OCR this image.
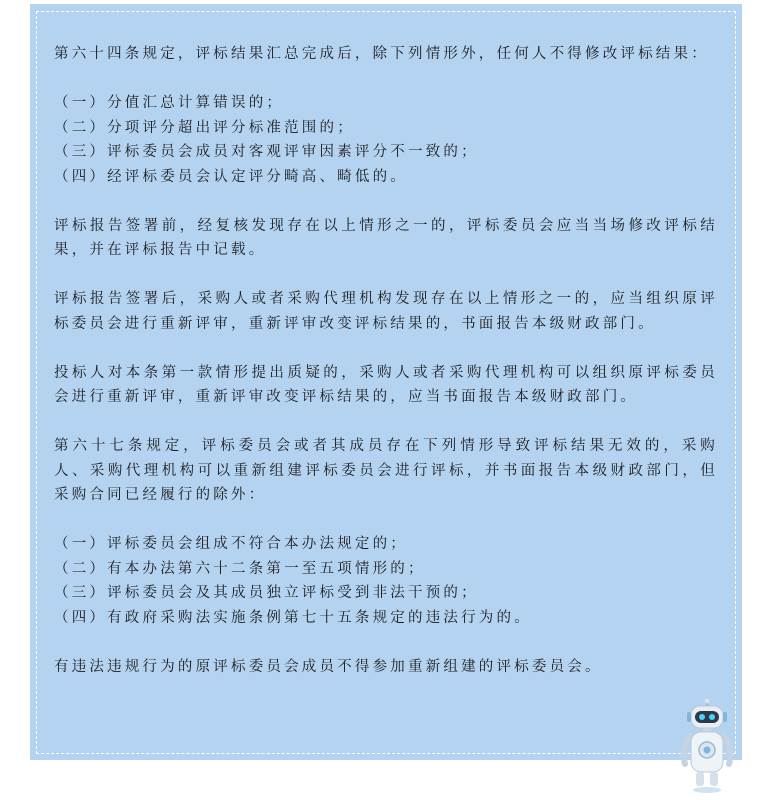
第六十四条规定，评标结果汇总完成后，除下列情形外，任何人不得修改评标结果：

（一）分值汇总计算错误的；
（二）分项评分超出评分标准范围的；
（三）评标委员会成员对客观评审因素评分不一致的；
（四）经评标委员会认定评分畸高、畸低的。

评标报告签署前，经复核发现存在以上情形之一的，评标委员会应当当场修改评标结果，并在评标报告中记载。

评标报告签署后，采购人或者采购代理机构发现存在以上情形之一的，应当组织原评标委员会进行重新评审，重新评审改变评标结果的，书面报告本级财政部门。

投标人对本条第一款情形提出质疑的，采购人或者采购代理机构可以组织原评标委员会进行重新评审，重新评审改变评标结果的，应当书面报告本级财政部门。

第六十七条规定，评标委员会或者其成员存在下列情形导致评标结果无效的，采购人、采购代理机构可以重新组建评标委员会进行评标，并书面报告本级财政部门，但采购合同已经履行的除外：

（一）评标委员会组成不符合本办法规定的；
（二）有本办法第六十二条第一至五项情形的；
（三）评标委员会及其成员独立评标受到非法干预的；
（四）有政府采购法实施条例第七十五条规定的违法行为的。

有违法违规行为的原评标委员会成员不得参加重新组建的评标委员会。
